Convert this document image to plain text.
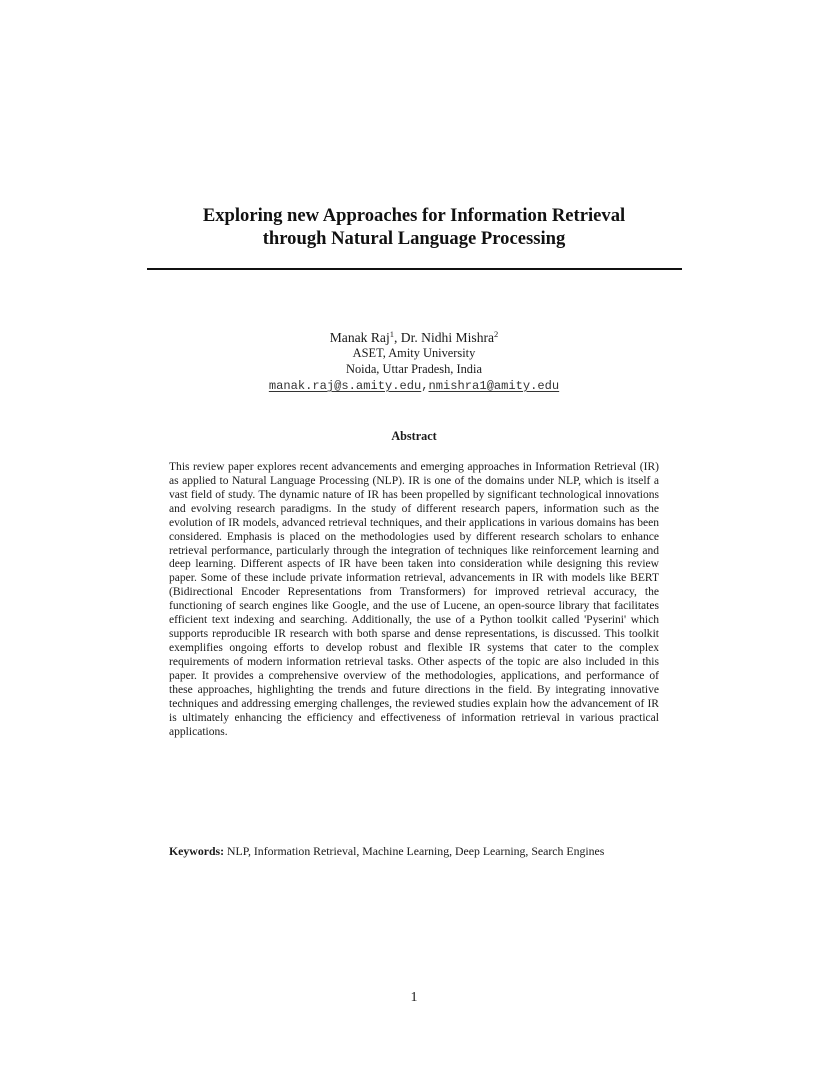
Exploring new Approaches for Information Retrieval
through Natural Language Processing
Manak Raj$^1$, Dr. Nidhi Mishra$^2$
ASET, Amity University
Noida, Uttar Pradesh, India
manak.raj@s.amity.edu,nmishra1@amity.edu
Abstract
This review paper explores recent advancements and emerging approaches in Information Retrieval (IR) as applied to Natural Language Processing (NLP). IR is one of the domains under NLP, which is itself a vast field of study. The dynamic nature of IR has been propelled by significant technological innovations and evolving research paradigms. In the study of different research papers, information such as the evolution of IR models, advanced retrieval techniques, and their applications in various domains has been considered. Emphasis is placed on the methodologies used by different research scholars to enhance retrieval performance, particularly through the integration of techniques like reinforcement learning and deep learning. Different aspects of IR have been taken into consideration while designing this review paper. Some of these include private information retrieval, advancements in IR with models like BERT (Bidirectional Encoder Representations from Transformers) for improved retrieval accuracy, the functioning of search engines like Google, and the use of Lucene, an open-source library that facilitates efficient text indexing and searching. Additionally, the use of a Python toolkit called 'Pyserini' which supports reproducible IR research with both sparse and dense representations, is discussed. This toolkit exemplifies ongoing efforts to develop robust and flexible IR systems that cater to the complex requirements of modern information retrieval tasks. Other aspects of the topic are also included in this paper. It provides a comprehensive overview of the methodologies, applications, and performance of these approaches, highlighting the trends and future directions in the field. By integrating innovative techniques and addressing emerging challenges, the reviewed studies explain how the advancement of IR is ultimately enhancing the efficiency and effectiveness of information retrieval in various practical applications.
Keywords: NLP, Information Retrieval, Machine Learning, Deep Learning, Search Engines
1
